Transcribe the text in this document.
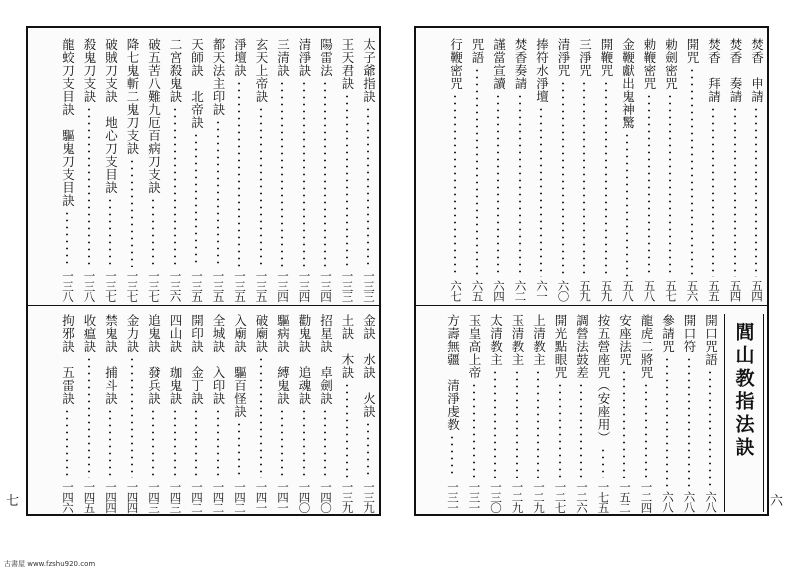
太子爺指訣
一三三
王天君訣
一三三
陽雷法
一三四
清淨訣
一三四
三清訣
一三四
玄天上帝訣
一三五
淨壇訣
一三五
都天法主印訣
一三五
天師訣　北帝訣
一三五
二宮殺鬼訣
一三六
破五苦八難九厄百病刀支訣
一三七
降七鬼斬二鬼刀支訣
一三七
破賊刀支訣　地心刀支目訣
一三七
殺鬼刀支訣
一三八
龍蛟刀支目訣　驅鬼刀支目訣
一三八
金訣　水訣　火訣
一三九
土訣　木訣
一三九
招星訣　卓劍訣
一四〇
勸鬼訣　追魂訣
一四〇
驅病訣　縛鬼訣
一四一
破廟訣
一四一
入廟訣　驅百怪訣
一四二
全城訣　入印訣
一四二
開印訣　金丁訣
一四二
四山訣　珈鬼訣
一四三
追鬼訣　發兵訣
一四三
金力訣
一四四
禁鬼訣　捕斗訣
一四四
收瘟訣
一四五
拘邪訣　五雷訣
一四六
焚香　申請
五四
焚香　奏請
五四
焚香　拜請
五五
開咒
五六
勅劍密咒
五七
勅鞭密咒
五八
金鞭獻出鬼神驚
五八
開鞭咒
五九
三淨咒
五九
清淨咒
六〇
捧符水淨壇
六一
焚香奏請
六二
謹當宣讀
六四
咒語
六五
行鞭密咒
六七
閭山教指法訣
開口咒語
六八
開口符
六八
參請咒
六八
龍虎二將咒
一二四
安座法咒
一五二
按五營座咒（安座用）
一七五
調營法鼓差
一二六
開光點眼咒
一二七
上清教主
一二九
玉清教主
一二九
太清教主
一三〇
玉皇高上帝
一三一
方壽無疆　清淨虔教
一三一
七	六
古書屋 www.fzshu920.com
